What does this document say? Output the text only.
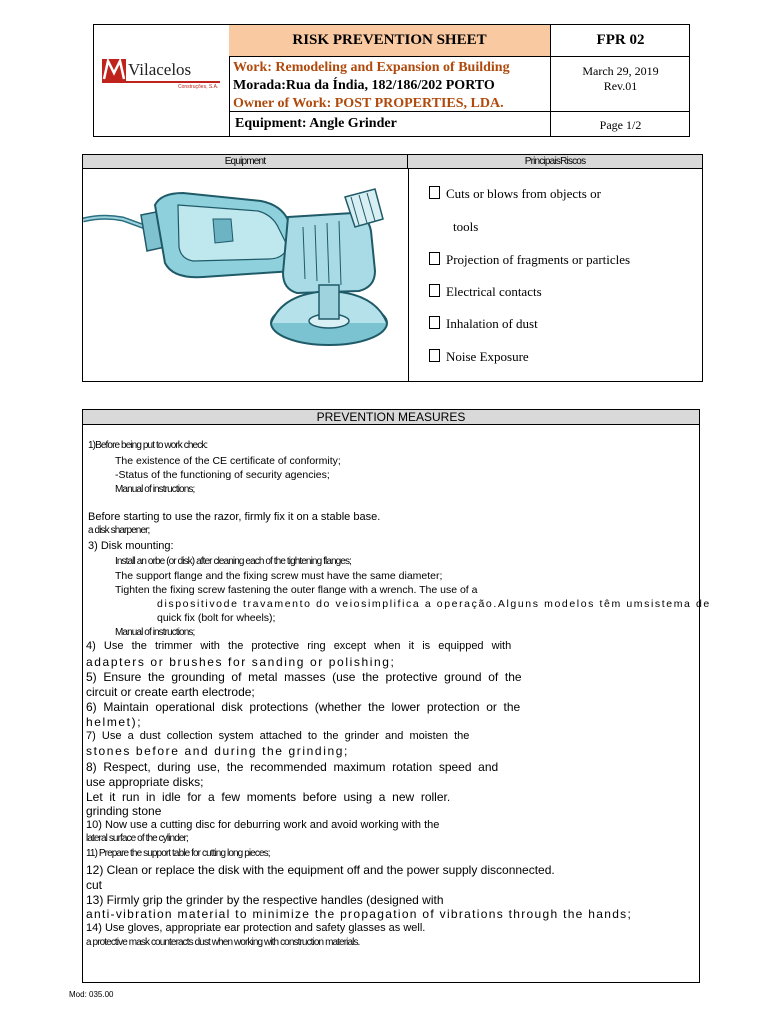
Vilacelos
Construções, S.A.
RISK PREVENTION SHEET	FPR 02
Work: Remodeling and Expansion of Building
Morada:Rua da Índia, 182/186/202 PORTO
Owner of Work: POST PROPERTIES, LDA.
March 29, 2019
Rev.01
Equipment: Angle Grinder	Page 1/2
Equipment	PrincipaisRiscos
Cuts or blows from objects or
tools
Projection of fragments or particles
Electrical contacts
Inhalation of dust
Noise Exposure
PREVENTION MEASURES
1)Before being put to work check:
The existence of the CE certificate of conformity;
-Status of the functioning of security agencies;
Manual of instructions;
Before starting to use the razor, firmly fix it on a stable base.
a disk sharpener;
3) Disk mounting:
Install an orbe (or disk) after cleaning each of the tightening flanges;
The support flange and the fixing screw must have the same diameter;
Tighten the fixing screw fastening the outer flange with a wrench. The use of a
dispositivode travamento do veiosimplifica a operação.Alguns modelos têm umsistema de
quick fix (bolt for wheels);
Manual of instructions;
4)  Use  the  trimmer  with  the  protective  ring  except  when  it  is  equipped  with
adapters or brushes for sanding or polishing;
5)  Ensure  the  grounding  of  metal  masses  (use  the  protective  ground  of  the
circuit or create earth electrode;
6)  Maintain  operational  disk  protections  (whether  the  lower  protection  or  the
helmet);
7)  Use  a  dust  collection  system  attached  to  the  grinder  and  moisten  the
stones before and during the grinding;
8)  Respect,  during  use,  the  recommended  maximum  rotation  speed  and
use appropriate disks;
Let  it  run  in  idle  for  a  few  moments  before  using  a  new  roller.
grinding stone
10) Now use a cutting disc for deburring work and avoid working with the
lateral surface of the cylinder;
11) Prepare the support table for cutting long pieces;
12) Clean or replace the disk with the equipment off and the power supply disconnected.
cut
13) Firmly grip the grinder by the respective handles (designed with
anti-vibration material to minimize the propagation of vibrations through the hands;
14) Use gloves, appropriate ear protection and safety glasses as well.
a protective mask counteracts dust when working with construction materials.
Mod: 035.00
